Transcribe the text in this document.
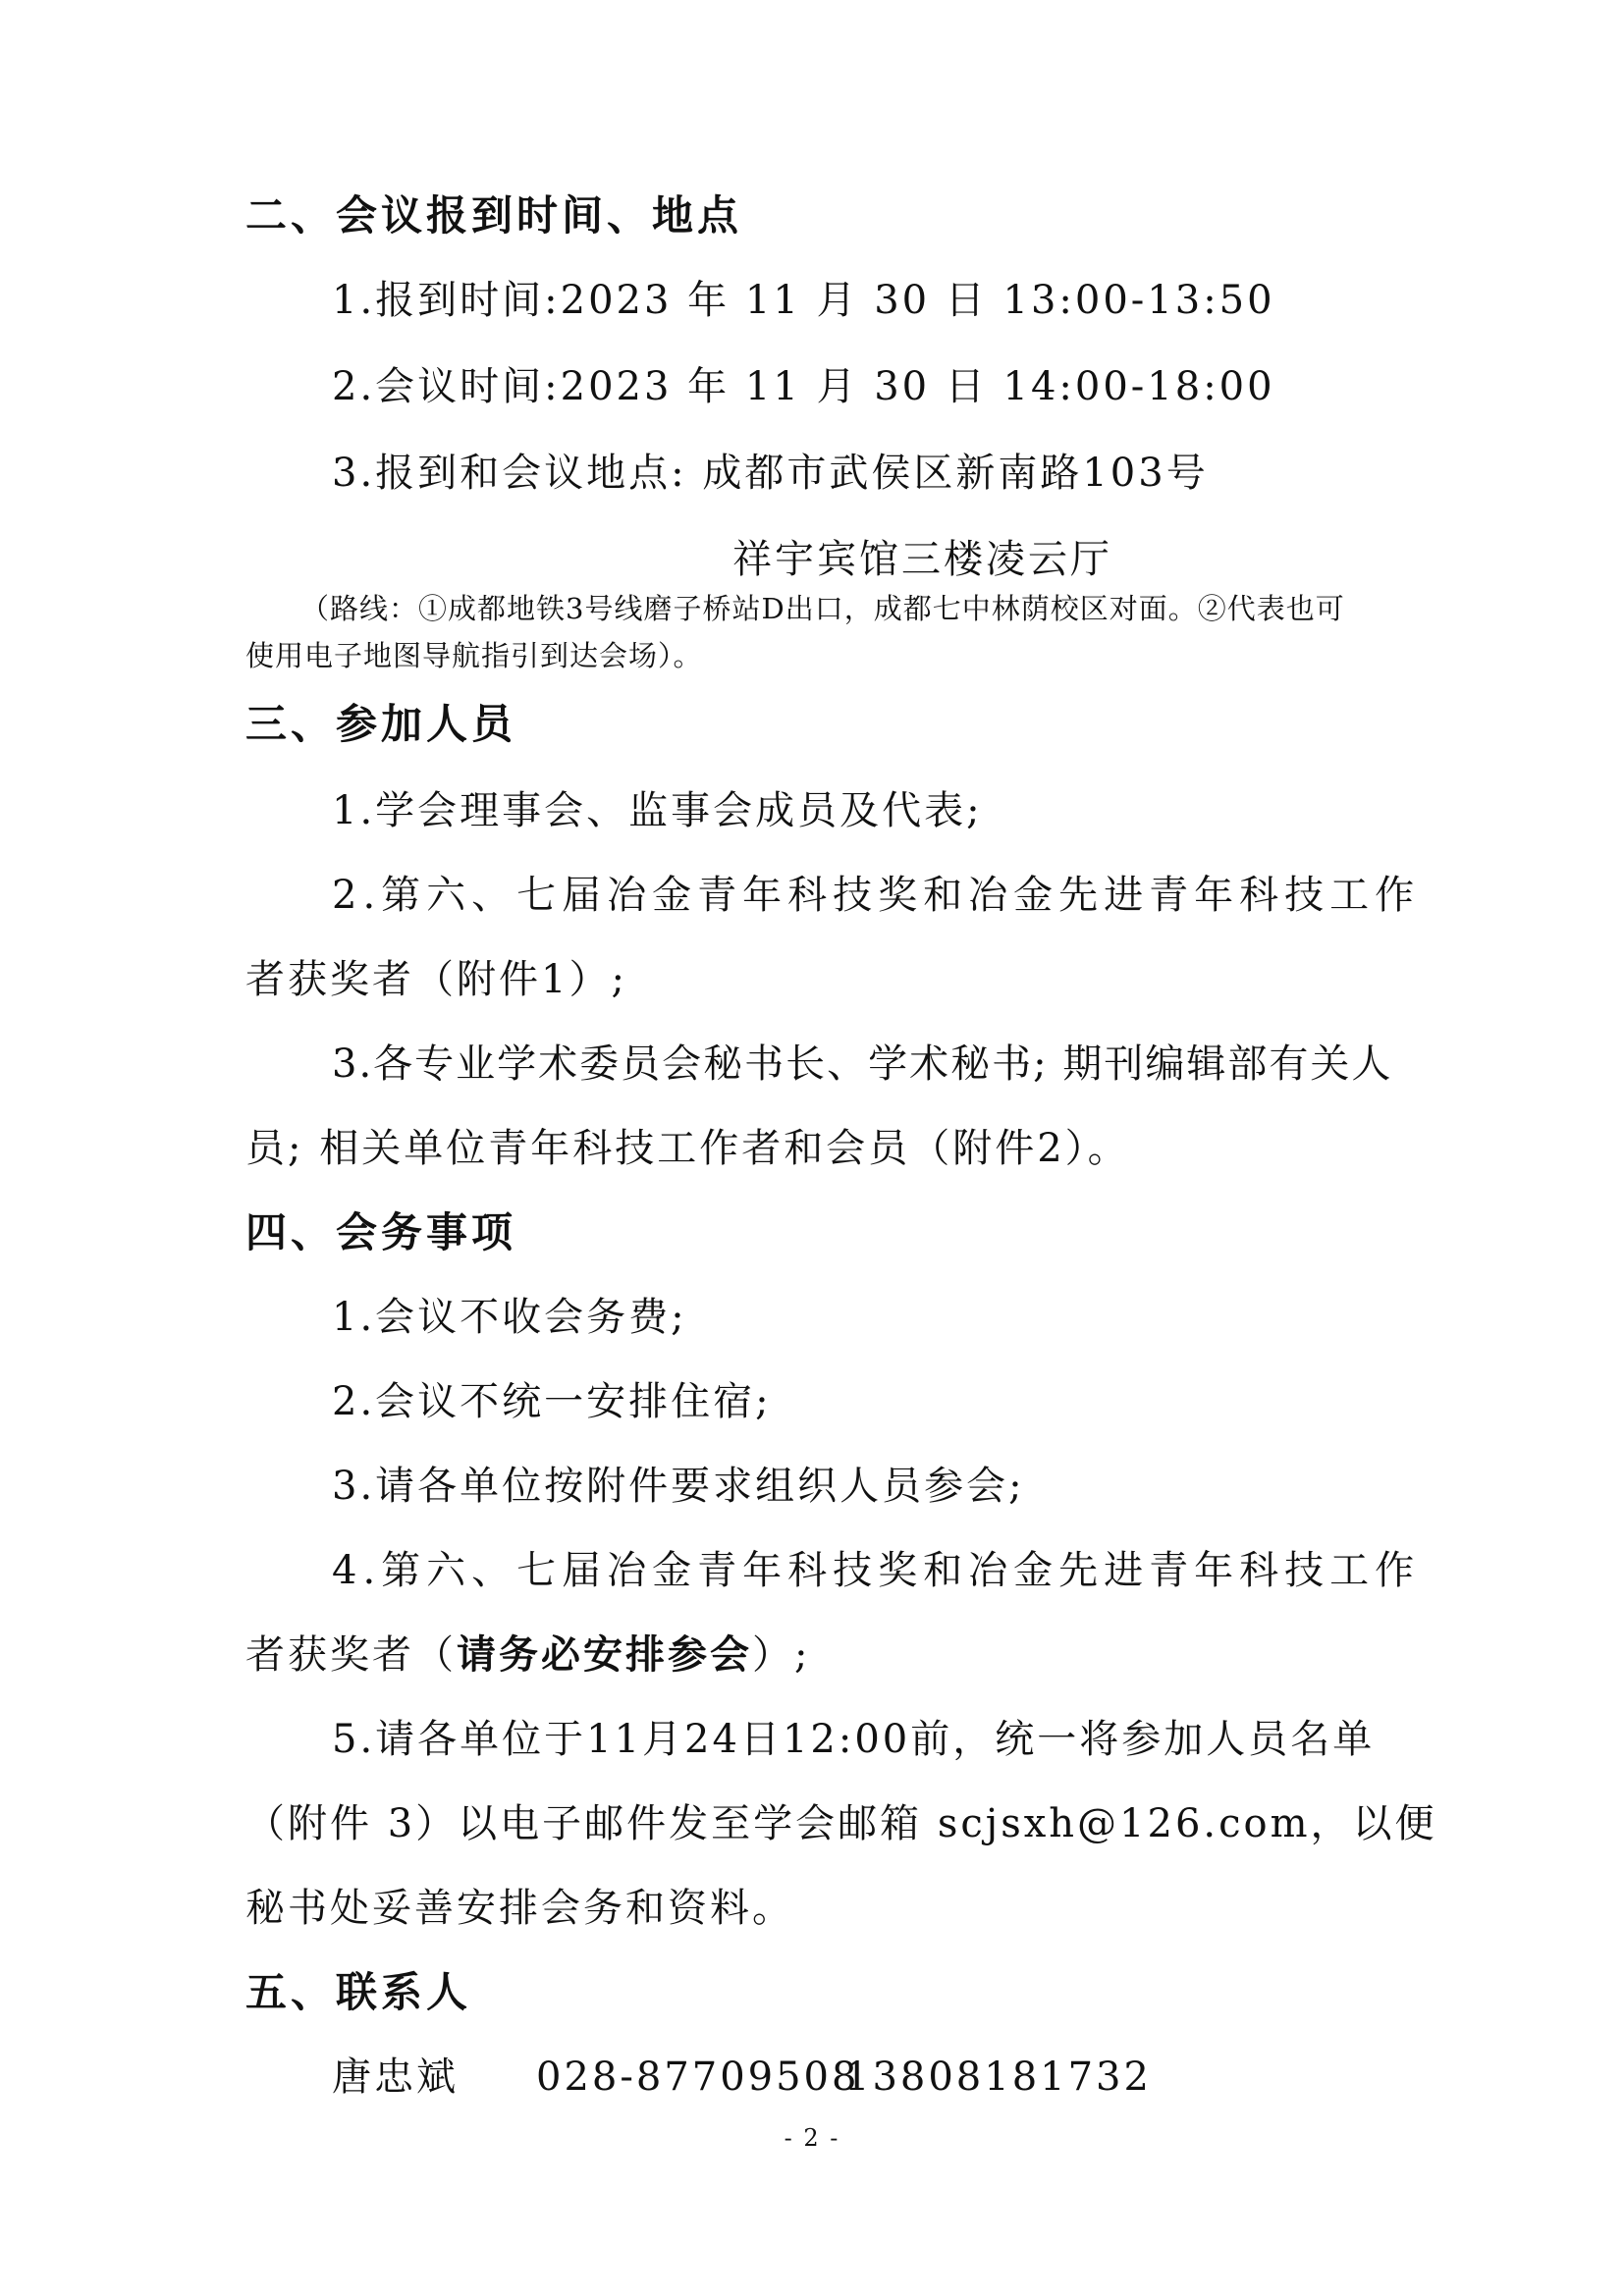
二、会议报到时间、地点
1.报到时间:2023 年 11 月 30 日 13:00-13:50
2.会议时间:2023 年 11 月 30 日 14:00-18:00
3.报到和会议地点: 成都市武侯区新南路103号
祥宇宾馆三楼凌云厅
（路线：①成都地铁3号线磨子桥站D出口，成都七中林荫校区对面。②代表也可
使用电子地图导航指引到达会场）。
三、参加人员
1.学会理事会、监事会成员及代表;
2.第六、七届冶金青年科技奖和冶金先进青年科技工作
者获奖者（附件1）;
3.各专业学术委员会秘书长、学术秘书; 期刊编辑部有关人
员; 相关单位青年科技工作者和会员（附件2）。
四、会务事项
1.会议不收会务费;
2.会议不统一安排住宿;
3.请各单位按附件要求组织人员参会;
4.第六、七届冶金青年科技奖和冶金先进青年科技工作
者获奖者（请务必安排参会）;
5.请各单位于11月24日12:00前，统一将参加人员名单
（附件 3）以电子邮件发至学会邮箱 scjsxh@126.com，以便
秘书处妥善安排会务和资料。
五、联系人
唐忠斌 028-87709508
13808181732
- 2 -
